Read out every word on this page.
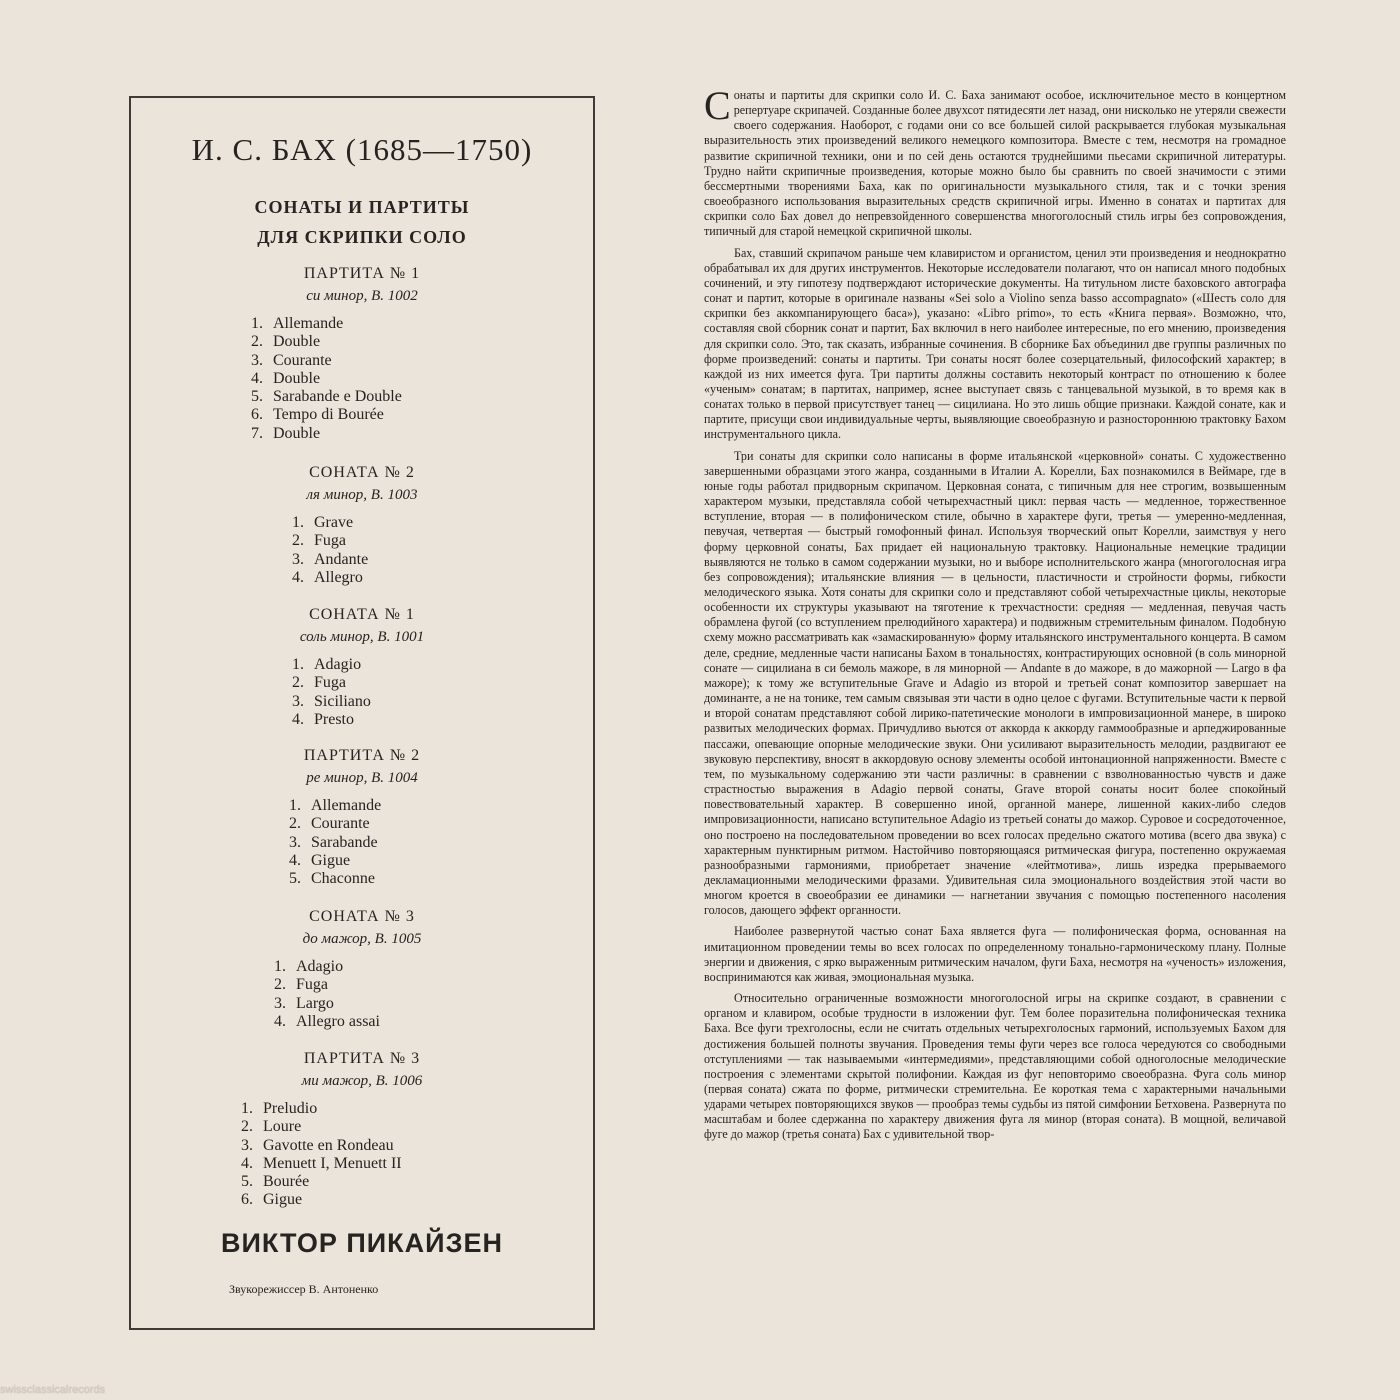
И. С. БАХ (1685—1750)
СОНАТЫ И ПАРТИТЫ
ДЛЯ СКРИПКИ СОЛО
ПАРТИТА № 1
си минор, В. 1002
1. Allemande
2. Double
3. Courante
4. Double
5. Sarabande e Double
6. Tempo di Bourée
7. Double
СОНАТА № 2
ля минор, В. 1003
1. Grave
2. Fuga
3. Andante
4. Allegro
СОНАТА № 1
соль минор, В. 1001
1. Adagio
2. Fuga
3. Siciliano
4. Presto
ПАРТИТА № 2
ре минор, В. 1004
1. Allemande
2. Courante
3. Sarabande
4. Gigue
5. Chaconne
СОНАТА № 3
до мажор, В. 1005
1. Adagio
2. Fuga
3. Largo
4. Allegro assai
ПАРТИТА № 3
ми мажор, В. 1006
1. Preludio
2. Loure
3. Gavotte en Rondeau
4. Menuett I, Menuett II
5. Bourée
6. Gigue
ВИКТОР ПИКАЙЗЕН
Звукорежиссер В. Антоненко

Сонаты и партиты для скрипки соло И. С. Баха занимают особое, исключительное место в концертном репертуаре скрипачей. Созданные более двухсот пятидесяти лет назад, они нисколько не утеряли свежести своего содержания. Наоборот, с годами они со все большей силой раскрывается глубокая музыкальная выразительность этих произведений великого немецкого композитора. Вместе с тем, несмотря на громадное развитие скрипичной техники, они и по сей день остаются труднейшими пьесами скрипичной литературы. Трудно найти скрипичные произведения, которые можно было бы сравнить по своей значимости с этими бессмертными творениями Баха, как по оригинальности музыкального стиля, так и с точки зрения своеобразного использования выразительных средств скрипичной игры. Именно в сонатах и партитах для скрипки соло Бах довел до непревзойденного совершенства многоголосный стиль игры без сопровождения, типичный для старой немецкой скрипичной школы.

Бах, ставший скрипачом раньше чем клавиристом и органистом, ценил эти произведения и неоднократно обрабатывал их для других инструментов. Некоторые исследователи полагают, что он написал много подобных сочинений, и эту гипотезу подтверждают исторические документы. На титульном листе баховского автографа сонат и партит, которые в оригинале названы «Sei solo a Violino senza basso accompagnato» («Шесть соло для скрипки без аккомпанирующего баса»), указано: «Libro primo», то есть «Книга первая». Возможно, что, составляя свой сборник сонат и партит, Бах включил в него наиболее интересные, по его мнению, произведения для скрипки соло. Это, так сказать, избранные сочинения. В сборнике Бах объединил две группы различных по форме произведений: сонаты и партиты. Три сонаты носят более созерцательный, философский характер; в каждой из них имеется фуга. Три партиты должны составить некоторый контраст по отношению к более «ученым» сонатам; в партитах, например, яснее выступает связь с танцевальной музыкой, в то время как в сонатах только в первой присутствует танец — сицилиана. Но это лишь общие признаки. Каждой сонате, как и партите, присущи свои индивидуальные черты, выявляющие своеобразную и разностороннюю трактовку Бахом инструментального цикла.

Три сонаты для скрипки соло написаны в форме итальянской «церковной» сонаты. С художественно завершенными образцами этого жанра, созданными в Италии А. Корелли, Бах познакомился в Веймаре, где в юные годы работал придворным скрипачом. Церковная соната, с типичным для нее строгим, возвышенным характером музыки, представляла собой четырехчастный цикл: первая часть — медленное, торжественное вступление, вторая — в полифоническом стиле, обычно в характере фуги, третья — умеренно-медленная, певучая, четвертая — быстрый гомофонный финал. Используя творческий опыт Корелли, заимствуя у него форму церковной сонаты, Бах придает ей национальную трактовку. Национальные немецкие традиции выявляются не только в самом содержании музыки, но и выборе исполнительского жанра (многоголосная игра без сопровождения); итальянские влияния — в цельности, пластичности и стройности формы, гибкости мелодического языка. Хотя сонаты для скрипки соло и представляют собой четырехчастные циклы, некоторые особенности их структуры указывают на тяготение к трехчастности: средняя — медленная, певучая часть обрамлена фугой (со вступлением прелюдийного характера) и подвижным стремительным финалом. Подобную схему можно рассматривать как «замаскированную» форму итальянского инструментального концерта. В самом деле, средние, медленные части написаны Бахом в тональностях, контрастирующих основной (в соль минорной сонате — сицилиана в си бемоль мажоре, в ля минорной — Andante в до мажоре, в до мажорной — Largo в фа мажоре); к тому же вступительные Grave и Adagio из второй и третьей сонат композитор завершает на доминанте, а не на тонике, тем самым связывая эти части в одно целое с фугами. Вступительные части к первой и второй сонатам представляют собой лирико-патетические монологи в импровизационной манере, в широко развитых мелодических формах. Причудливо вьются от аккорда к аккорду гаммообразные и арпеджированные пассажи, опевающие опорные мелодические звуки. Они усиливают выразительность мелодии, раздвигают ее звуковую перспективу, вносят в аккордовую основу элементы особой интонационной напряженности. Вместе с тем, по музыкальному содержанию эти части различны: в сравнении с взволнованностью чувств и даже страстностью выражения в Adagio первой сонаты, Grave второй сонаты носит более спокойный повествовательный характер. В совершенно иной, органной манере, лишенной каких-либо следов импровизационности, написано вступительное Adagio из третьей сонаты до мажор. Суровое и сосредоточенное, оно построено на последовательном проведении во всех голосах предельно сжатого мотива (всего два звука) с характерным пунктирным ритмом. Настойчиво повторяющаяся ритмическая фигура, постепенно окружаемая разнообразными гармониями, приобретает значение «лейтмотива», лишь изредка прерываемого декламационными мелодическими фразами. Удивительная сила эмоционального воздействия этой части во многом кроется в своеобразии ее динамики — нагнетании звучания с помощью постепенного насоления голосов, дающего эффект органности.

Наиболее развернутой частью сонат Баха является фуга — полифоническая форма, основанная на имитационном проведении темы во всех голосах по определенному тонально-гармоническому плану. Полные энергии и движения, с ярко выраженным ритмическим началом, фуги Баха, несмотря на «ученость» изложения, воспринимаются как живая, эмоциональная музыка.

Относительно ограниченные возможности многоголосной игры на скрипке создают, в сравнении с органом и клавиром, особые трудности в изложении фуг. Тем более поразительна полифоническая техника Баха. Все фуги трехголосны, если не считать отдельных четырехголосных гармоний, используемых Бахом для достижения большей полноты звучания. Проведения темы фуги через все голоса чередуются со свободными отступлениями — так называемыми «интермедиями», представляющими собой одноголосные мелодические построения с элементами скрытой полифонии. Каждая из фуг неповторимо своеобразна. Фуга соль минор (первая соната) сжата по форме, ритмически стремительна. Ее короткая тема с характерными начальными ударами четырех повторяющихся звуков — прообраз темы судьбы из пятой симфонии Бетховена. Развернута по масштабам и более сдержанна по характеру движения фуга ля минор (вторая соната). В мощной, величавой фуге до мажор (третья соната) Бах с удивительной твор-

swissclassicalrecords
